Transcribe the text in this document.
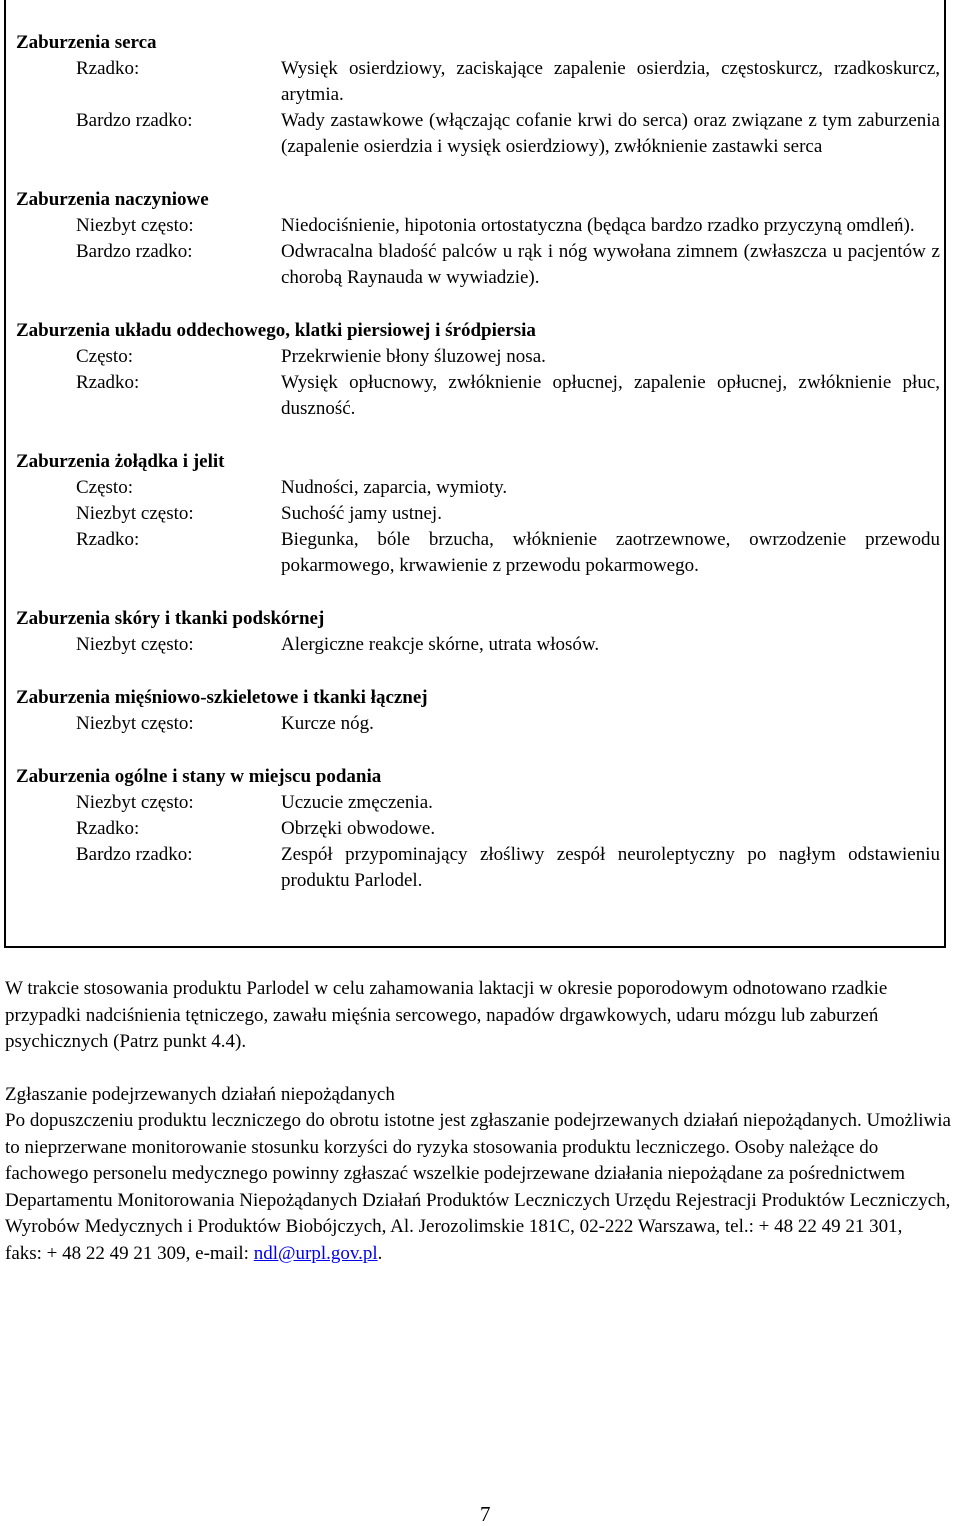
Zaburzenia serca
Rzadko:	Wysięk osierdziowy, zaciskające zapalenie osierdzia, częstoskurcz, rzadkoskurcz, arytmia.
Bardzo rzadko:	Wady zastawkowe (włączając cofanie krwi do serca) oraz związane z tym zaburzenia (zapalenie osierdzia i wysięk osierdziowy), zwłóknienie zastawki serca
Zaburzenia naczyniowe
Niezbyt często:	Niedociśnienie, hipotonia ortostatyczna (będąca bardzo rzadko przyczyną omdleń).
Bardzo rzadko:	Odwracalna bladość palców u rąk i nóg wywołana zimnem (zwłaszcza u pacjentów z chorobą Raynauda w wywiadzie).
Zaburzenia układu oddechowego, klatki piersiowej i śródpiersia
Często:	Przekrwienie błony śluzowej nosa.
Rzadko:	Wysięk opłucnowy, zwłóknienie opłucnej, zapalenie opłucnej, zwłóknienie płuc, duszność.
Zaburzenia żołądka i jelit
Często:	Nudności, zaparcia, wymioty.
Niezbyt często:	Suchość jamy ustnej.
Rzadko:	Biegunka, bóle brzucha, włóknienie zaotrzewnowe, owrzodzenie przewodu pokarmowego, krwawienie z przewodu pokarmowego.
Zaburzenia skóry i tkanki podskórnej
Niezbyt często:	Alergiczne reakcje skórne, utrata włosów.
Zaburzenia mięśniowo-szkieletowe i tkanki łącznej
Niezbyt często:	Kurcze nóg.
Zaburzenia ogólne i stany w miejscu podania
Niezbyt często:	Uczucie zmęczenia.
Rzadko:	Obrzęki obwodowe.
Bardzo rzadko:	Zespół przypominający złośliwy zespół neuroleptyczny po nagłym odstawieniu produktu Parlodel.

W trakcie stosowania produktu Parlodel w celu zahamowania laktacji w okresie poporodowym odnotowano rzadkie przypadki nadciśnienia tętniczego, zawału mięśnia sercowego, napadów drgawkowych, udaru mózgu lub zaburzeń psychicznych (Patrz punkt 4.4).

Zgłaszanie podejrzewanych działań niepożądanych

Po dopuszczeniu produktu leczniczego do obrotu istotne jest zgłaszanie podejrzewanych działań niepożądanych. Umożliwia to nieprzerwane monitorowanie stosunku korzyści do ryzyka stosowania produktu leczniczego. Osoby należące do fachowego personelu medycznego powinny zgłaszać wszelkie podejrzewane działania niepożądane za pośrednictwem Departamentu Monitorowania Niepożądanych Działań Produktów Leczniczych Urzędu Rejestracji Produktów Leczniczych, Wyrobów Medycznych i Produktów Biobójczych, Al. Jerozolimskie 181C, 02-222 Warszawa, tel.: + 48 22 49 21 301,
faks: + 48 22 49 21 309, e-mail: ndl@urpl.gov.pl.

7
